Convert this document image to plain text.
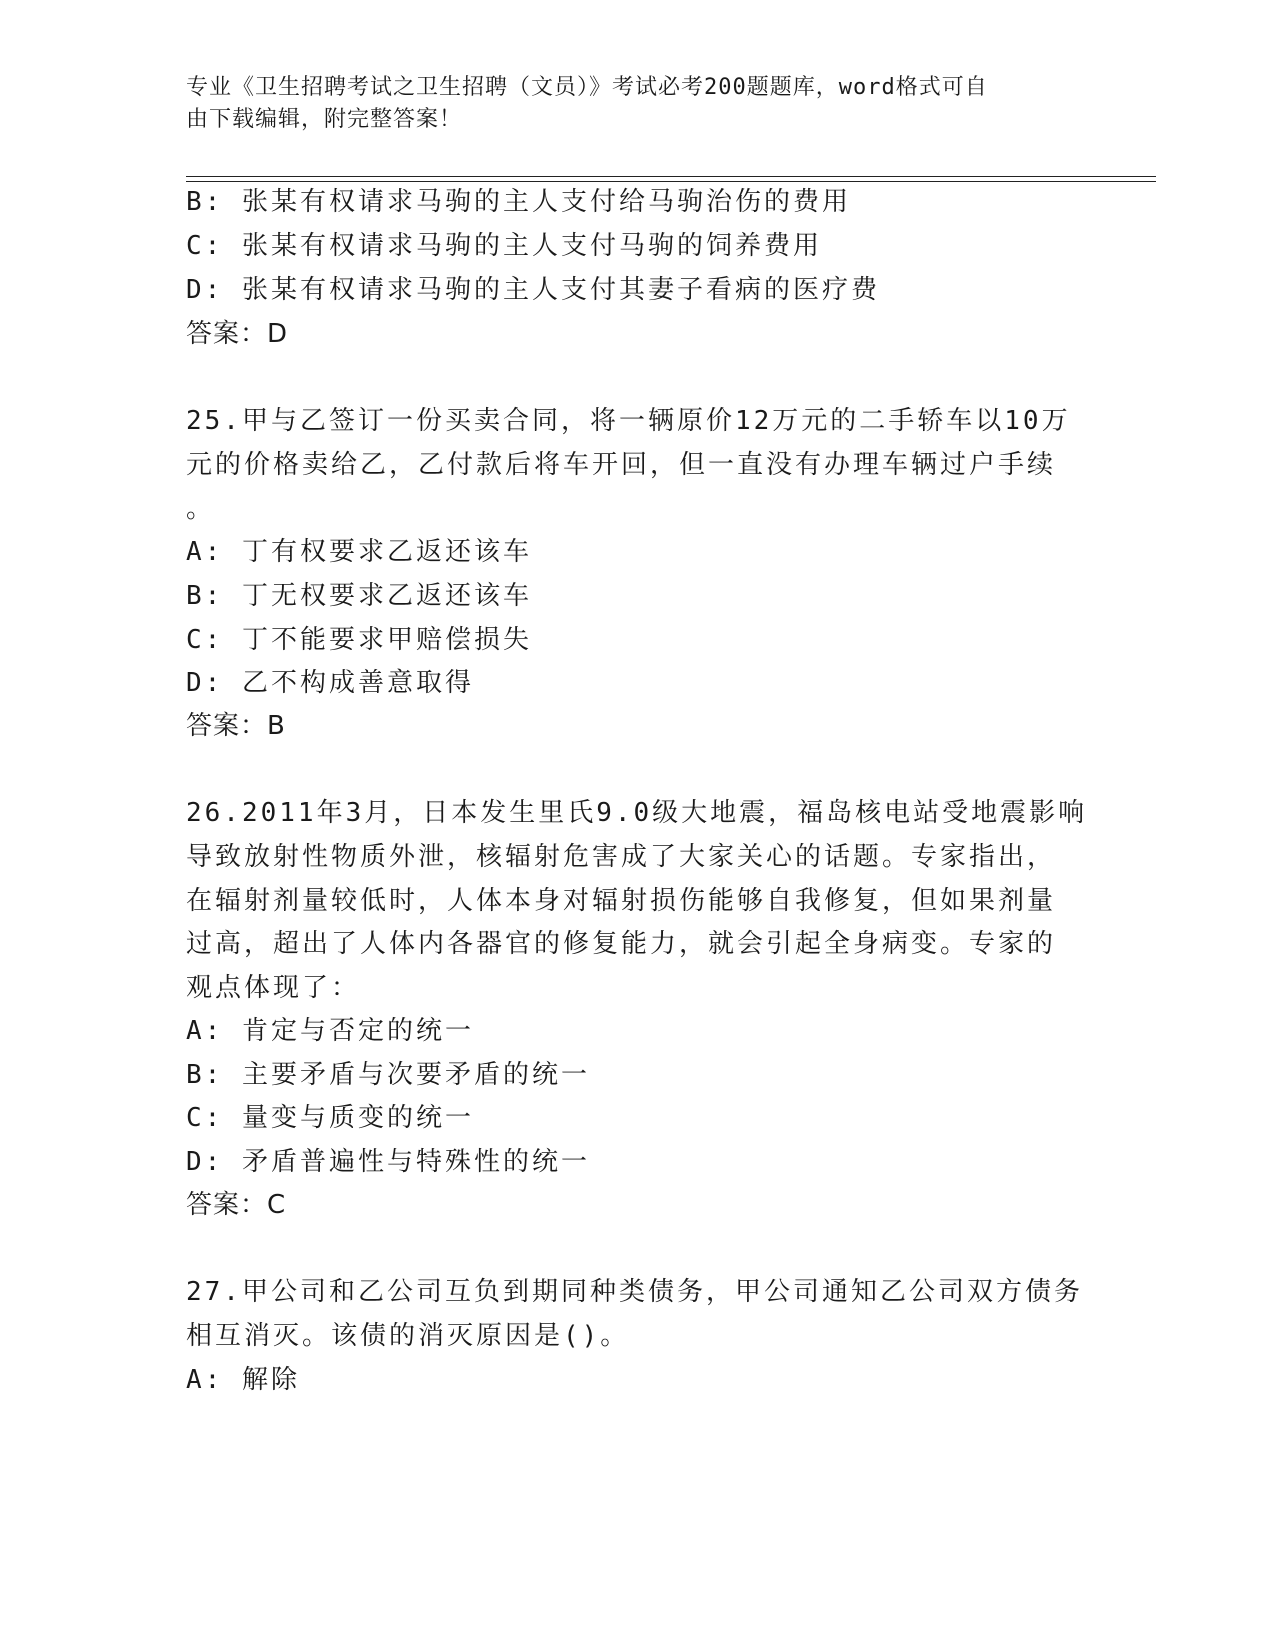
专业《卫生招聘考试之卫生招聘（文员）》考试必考200题题库，word格式可自
由下载编辑，附完整答案！
B: 张某有权请求马驹的主人支付给马驹治伤的费用
C: 张某有权请求马驹的主人支付马驹的饲养费用
D: 张某有权请求马驹的主人支付其妻子看病的医疗费
答案：D
25.甲与乙签订一份买卖合同，将一辆原价12万元的二手轿车以10万
元的价格卖给乙，乙付款后将车开回，但一直没有办理车辆过户手续
。
A: 丁有权要求乙返还该车
B: 丁无权要求乙返还该车
C: 丁不能要求甲赔偿损失
D: 乙不构成善意取得
答案：B
26.2011年3月，日本发生里氏9.0级大地震，福岛核电站受地震影响
导致放射性物质外泄，核辐射危害成了大家关心的话题。专家指出，
在辐射剂量较低时，人体本身对辐射损伤能够自我修复，但如果剂量
过高，超出了人体内各器官的修复能力，就会引起全身病变。专家的
观点体现了：
A: 肯定与否定的统一
B: 主要矛盾与次要矛盾的统一
C: 量变与质变的统一
D: 矛盾普遍性与特殊性的统一
答案：C
27.甲公司和乙公司互负到期同种类债务，甲公司通知乙公司双方债务
相互消灭。该债的消灭原因是()。
A: 解除
